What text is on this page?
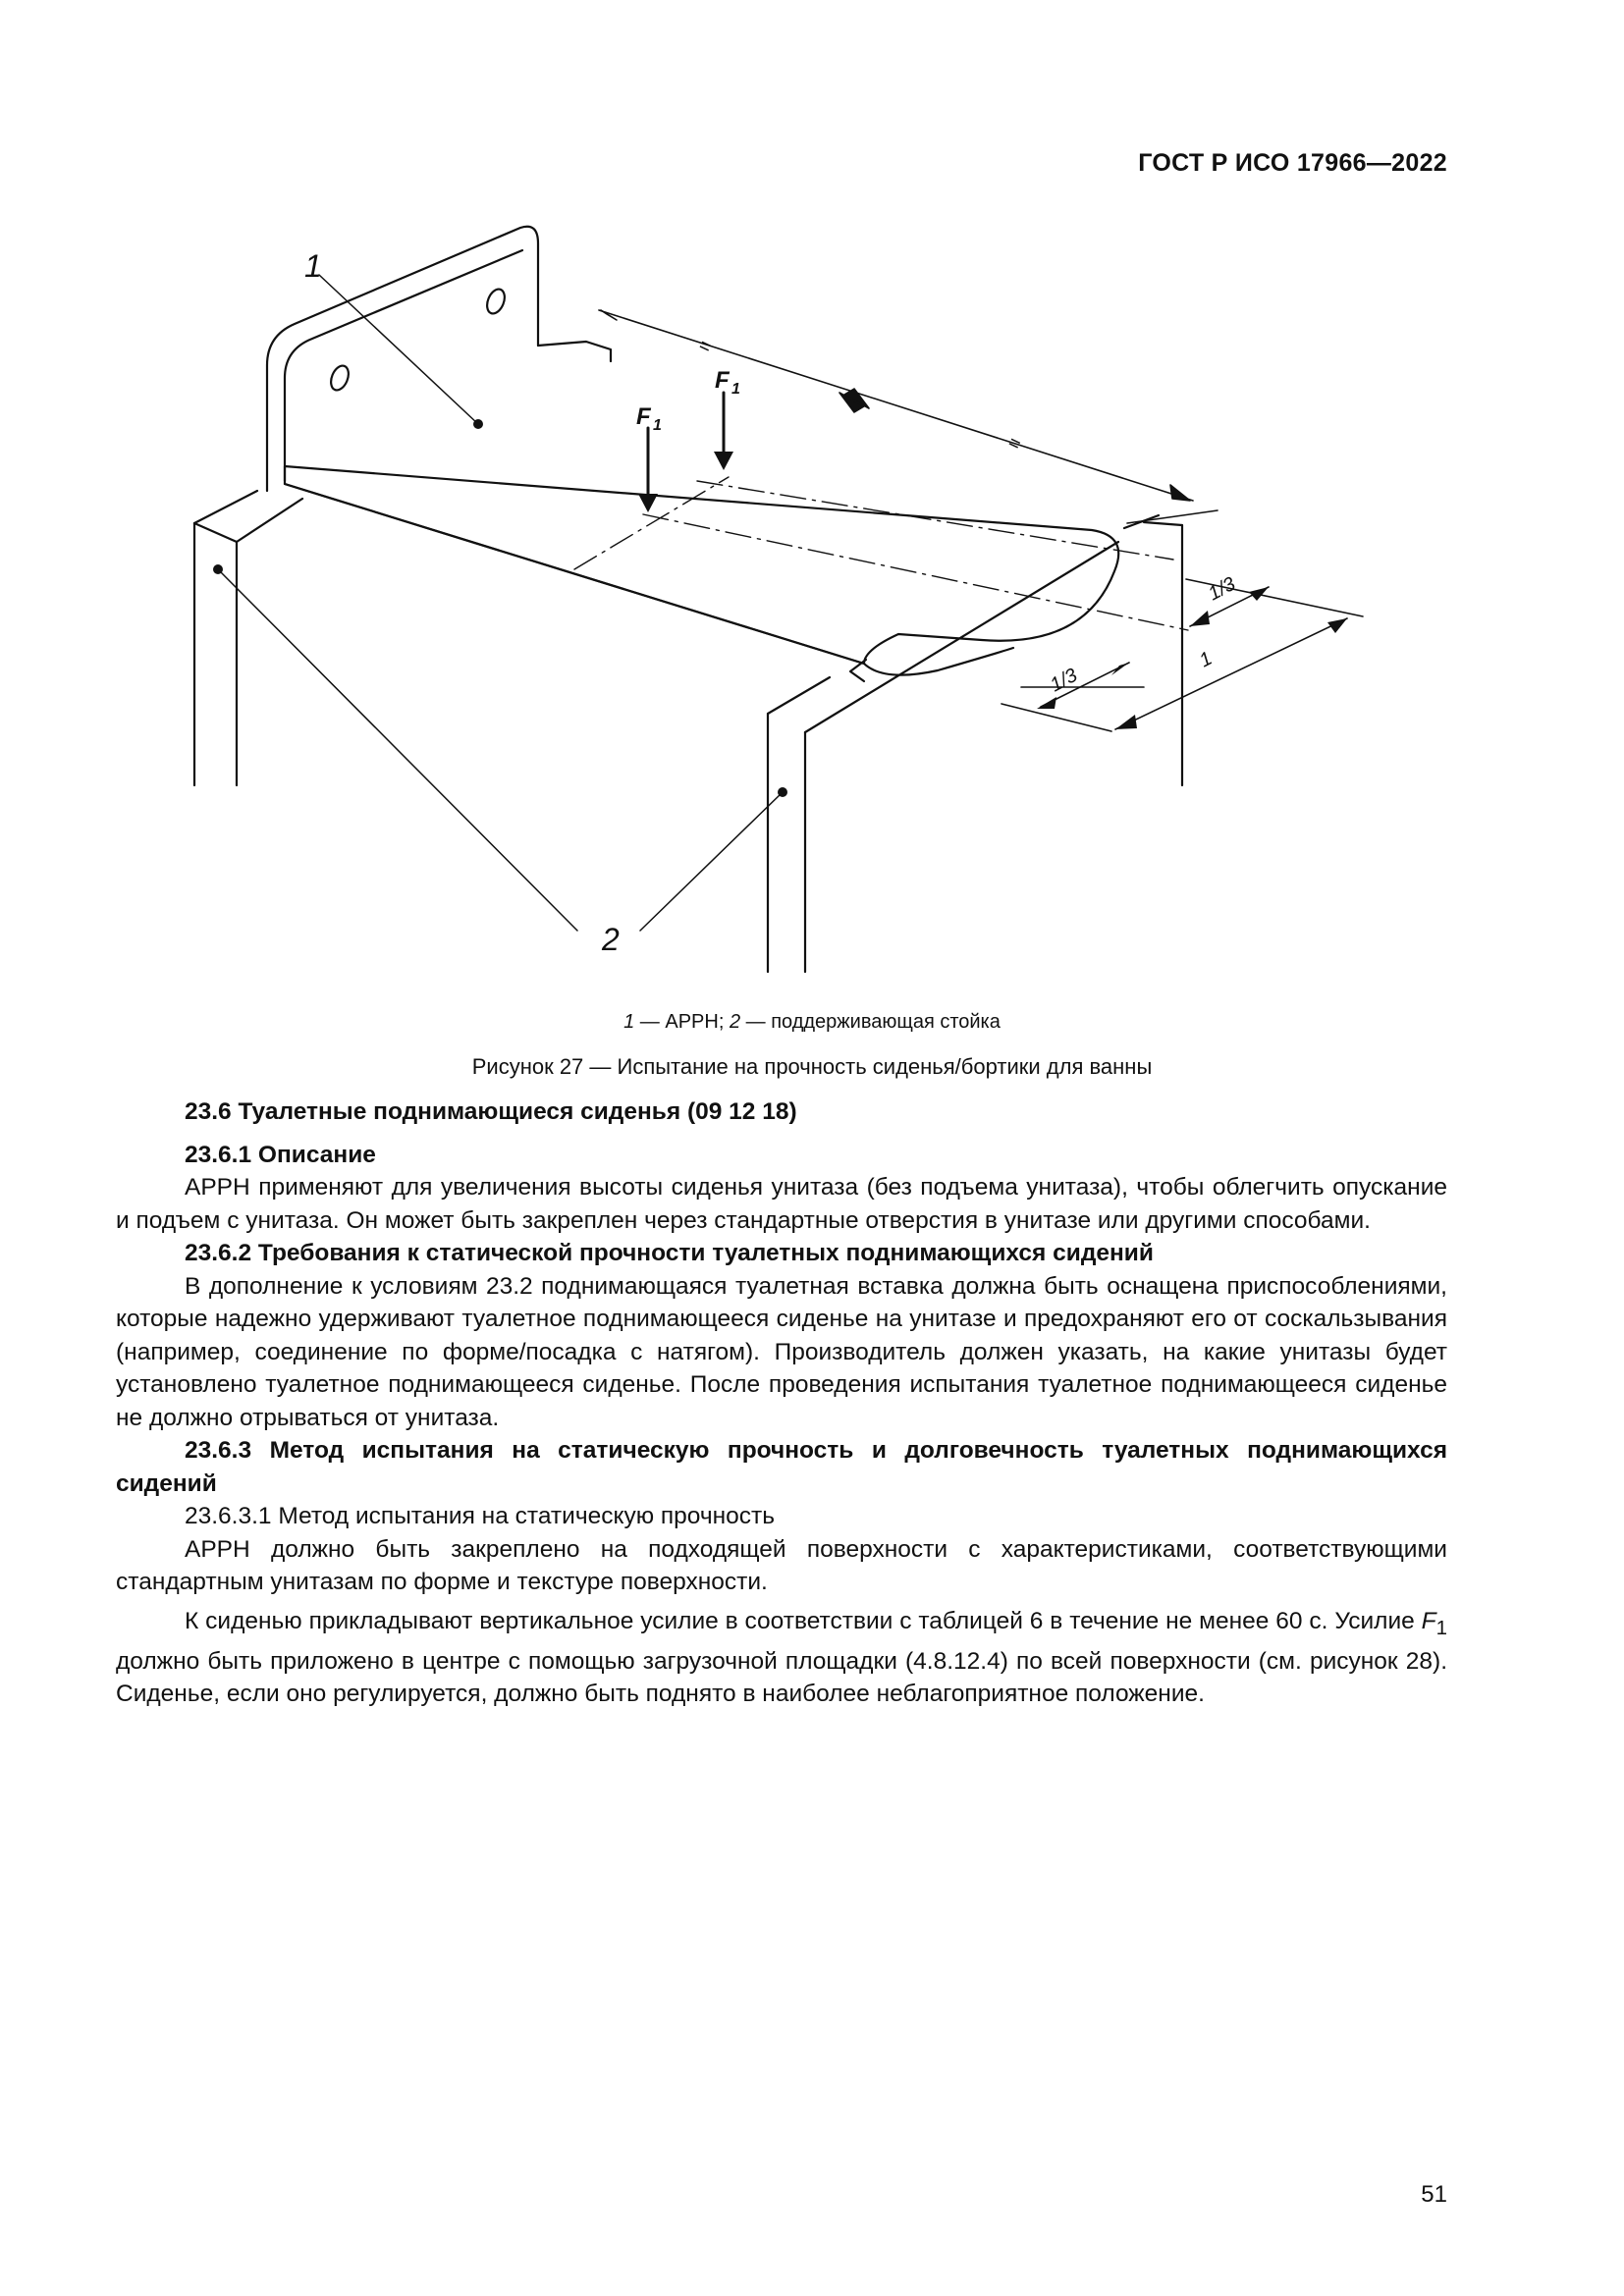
ГОСТ Р ИСО 17966—2022
1
2
F 1
F 1
=
=
1/3
1/3
1
1 — АРРН; 2 — поддерживающая стойка
Рисунок 27 — Испытание на прочность сиденья/бортики для ванны

23.6 Туалетные поднимающиеся сиденья (09 12 18)

23.6.1 Описание

АРРН применяют для увеличения высоты сиденья унитаза (без подъема унитаза), чтобы облегчить опускание и подъем с унитаза. Он может быть закреплен через стандартные отверстия в унитазе или другими способами.

23.6.2 Требования к статической прочности туалетных поднимающихся сидений

В дополнение к условиям 23.2 поднимающаяся туалетная вставка должна быть оснащена приспособлениями, которые надежно удерживают туалетное поднимающееся сиденье на унитазе и предохраняют его от соскальзывания (например, соединение по форме/посадка с натягом). Производитель должен указать, на какие унитазы будет установлено туалетное поднимающееся сиденье. После проведения испытания туалетное поднимающееся сиденье не должно отрываться от унитаза.

23.6.3 Метод испытания на статическую прочность и долговечность туалетных поднимающихся сидений

23.6.3.1 Метод испытания на статическую прочность

АРРН должно быть закреплено на подходящей поверхности с характеристиками, соответствующими стандартным унитазам по форме и текстуре поверхности.

К сиденью прикладывают вертикальное усилие в соответствии с таблицей 6 в течение не менее 60 с. Усилие $F_1$ должно быть приложено в центре с помощью загрузочной площадки (4.8.12.4) по всей поверхности (см. рисунок 28). Сиденье, если оно регулируется, должно быть поднято в наиболее неблагоприятное положение.

51
